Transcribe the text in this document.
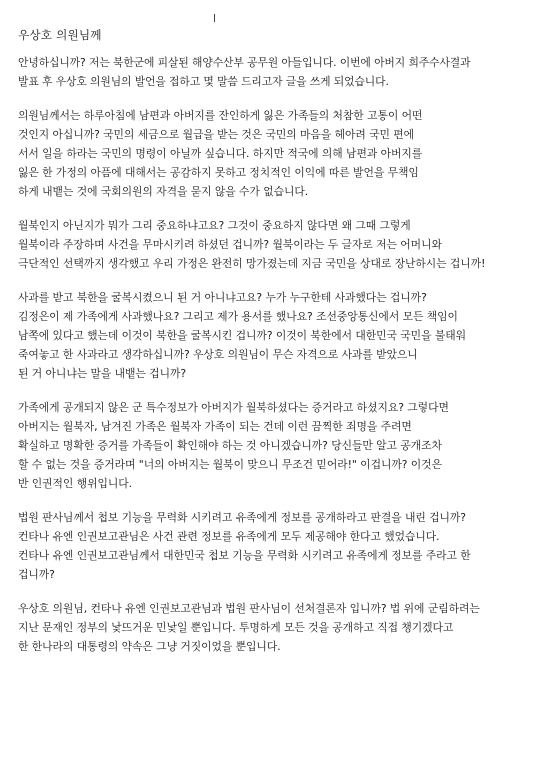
우상호 의원님께
안녕하십니까? 저는 북한군에 피살된 해양수산부 공무원 아들입니다. 이번에 아버지 희주수사결과
발표 후 우상호 의원님의 발언을 접하고 몇 말씀 드리고자 글을 쓰게 되었습니다.
의원님께서는 하루아침에 남편과 아버지를 잔인하게 잃은 가족들의 처참한 고통이 어떤
것인지 아십니까? 국민의 세금으로 월급을 받는 것은 국민의 마음을 헤아려 국민 편에
서서 일을 하라는 국민의 명령이 아닐까 싶습니다. 하지만 적국에 의해 남편과 아버지를
잃은 한 가정의 아픔에 대해서는 공감하지 못하고 정치적인 이익에 따른 발언을 무책임
하게 내뱉는 것에 국회의원의 자격을 묻지 않을 수가 없습니다.
월북인지 아닌지가 뭐가 그리 중요하냐고요? 그것이 중요하지 않다면 왜 그때 그렇게
월북이라 주장하며 사건을 무마시키려 하셨던 겁니까? 월북이라는 두 글자로 저는 어머니와
극단적인 선택까지 생각했고 우리 가정은 완전히 망가졌는데 지금 국민을 상대로 장난하시는 겁니까!
사과를 받고 북한을 굴복시켰으니 된 거 아니냐고요? 누가 누구한테 사과했다는 겁니까?
김정은이 제 가족에게 사과했나요? 그리고 제가 용서를 했나요? 조선중앙통신에서 모든 책임이
남쪽에 있다고 했는데 이것이 북한을 굴복시킨 겁니까? 이것이 북한에서 대한민국 국민을 불태워
죽여놓고 한 사과라고 생각하십니까? 우상호 의원님이 무슨 자격으로 사과를 받았으니
된 거 아니냐는 말을 내뱉는 겁니까?
가족에게 공개되지 않은 군 특수정보가 아버지가 월북하셨다는 증거라고 하셨지요? 그렇다면
아버지는 월북자, 남겨진 가족은 월북자 가족이 되는 건데 이런 끔찍한 죄명을 주려면
확실하고 명확한 증거를 가족들이 확인해야 하는 것 아니겠습니까? 당신들만 알고 공개조차
할 수 없는 것을 증거라며 "너의 아버지는 월북이 맞으니 무조건 믿어라!" 이겁니까? 이것은
반 인권적인 행위입니다.
법원 판사님께서 첩보 기능을 무력화 시키려고 유족에게 정보를 공개하라고 판결을 내린 겁니까?
컨타나 유엔 인권보고관님은 사건 관련 정보를 유족에게 모두 제공해야 한다고 했었습니다.
컨타나 유엔 인권보고관님께서 대한민국 첩보 기능을 무력화 시키려고 유족에게 정보를 주라고 한
겁니까?
우상호 의원님, 컨타나 유엔 인권보고관님과 법원 판사님이 선처결론자 입니까? 법 위에 군림하려는
지난 문재인 정부의 낯뜨거운 민낯일 뿐입니다. 투명하게 모든 것을 공개하고 직접 챙기겠다고
한 한나라의 대통령의 약속은 그냥 거짓이었을 뿐입니다.
